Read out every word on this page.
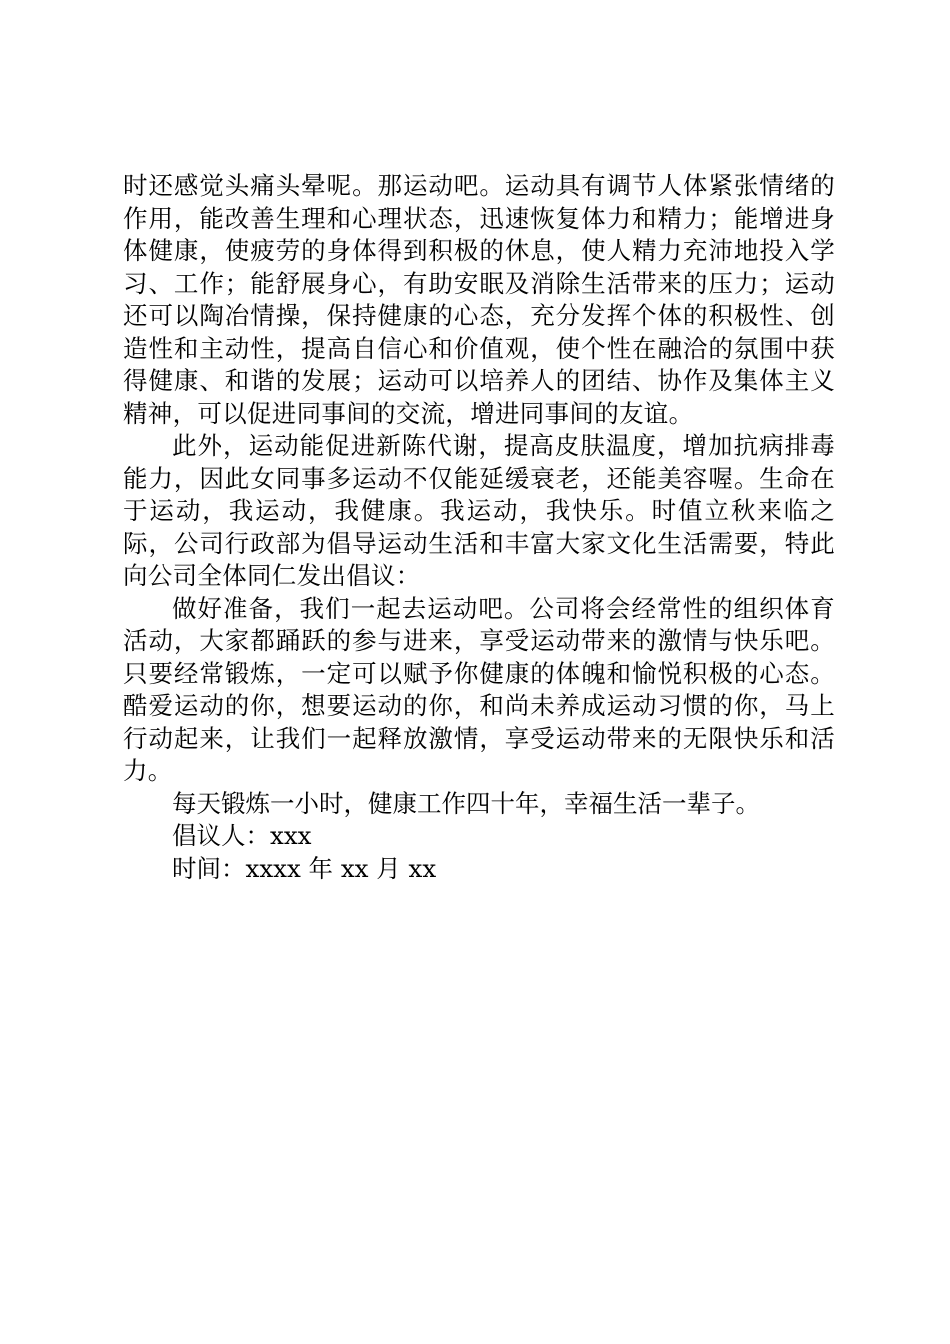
时还感觉头痛头晕呢。那运动吧。运动具有调节人体紧张情绪的作用，能改善生理和心理状态，迅速恢复体力和精力；能增进身体健康，使疲劳的身体得到积极的休息，使人精力充沛地投入学习、工作；能舒展身心，有助安眠及消除生活带来的压力；运动还可以陶冶情操，保持健康的心态，充分发挥个体的积极性、创造性和主动性，提高自信心和价值观，使个性在融洽的氛围中获得健康、和谐的发展；运动可以培养人的团结、协作及集体主义精神，可以促进同事间的交流，增进同事间的友谊。

此外，运动能促进新陈代谢，提高皮肤温度，增加抗病排毒能力，因此女同事多运动不仅能延缓衰老，还能美容喔。生命在于运动，我运动，我健康。我运动，我快乐。时值立秋来临之际，公司行政部为倡导运动生活和丰富大家文化生活需要，特此向公司全体同仁发出倡议：

做好准备，我们一起去运动吧。公司将会经常性的组织体育活动，大家都踊跃的参与进来，享受运动带来的激情与快乐吧。只要经常锻炼，一定可以赋予你健康的体魄和愉悦积极的心态。酷爱运动的你，想要运动的你，和尚未养成运动习惯的你，马上行动起来，让我们一起释放激情，享受运动带来的无限快乐和活力。

每天锻炼一小时，健康工作四十年，幸福生活一辈子。
倡议人：xxx
时间：xxxx 年 xx 月 xx
